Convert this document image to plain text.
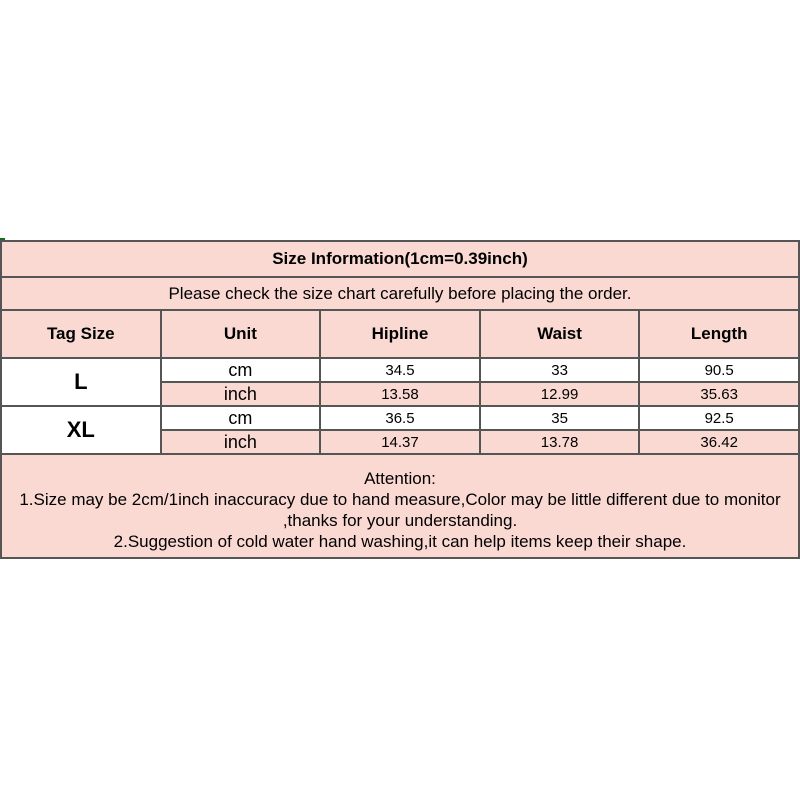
Size Information(1cm=0.39inch)				
Please check the size chart carefully before placing the order.				
Tag Size	Unit	Hipline	Waist	Length
L	cm	34.5	33	90.5
	inch	13.58	12.99	35.63
XL	cm	36.5	35	92.5
	inch	14.37	13.78	36.42

Attention:
1.Size may be 2cm/1inch inaccuracy due to hand measure,Color may be little different due to monitor
,thanks for your understanding.
2.Suggestion of cold water hand washing,it can help items keep their shape.				
